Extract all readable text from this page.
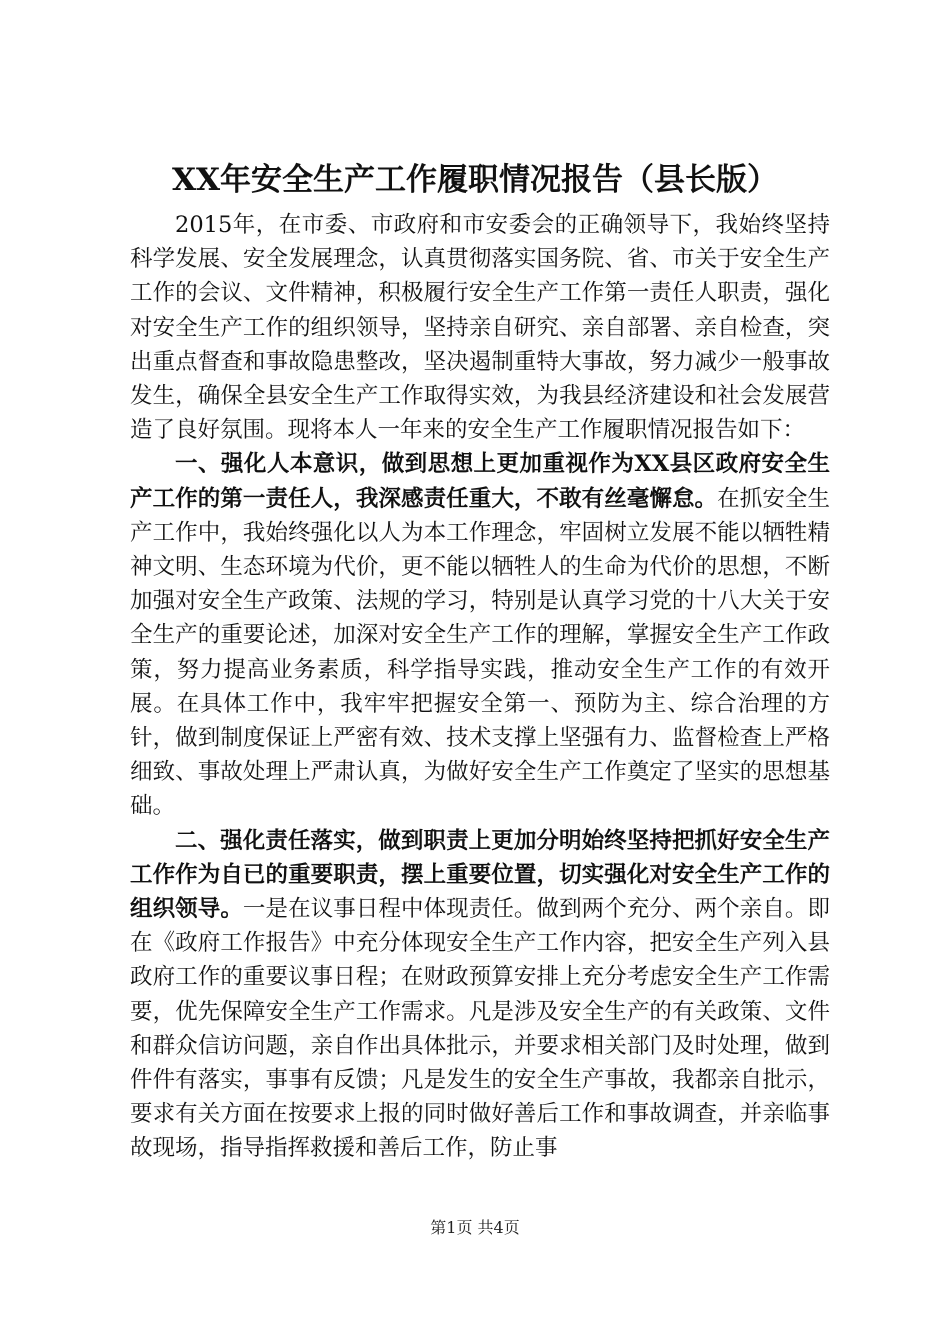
XX年安全生产工作履职情况报告（县长版）

2015年，在市委、市政府和市安委会的正确领导下，我始终坚持科学发展、安全发展理念，认真贯彻落实国务院、省、市关于安全生产工作的会议、文件精神，积极履行安全生产工作第一责任人职责，强化对安全生产工作的组织领导，坚持亲自研究、亲自部署、亲自检查，突出重点督查和事故隐患整改，坚决遏制重特大事故，努力减少一般事故发生，确保全县安全生产工作取得实效，为我县经济建设和社会发展营造了良好氛围。现将本人一年来的安全生产工作履职情况报告如下：

一、强化人本意识，做到思想上更加重视作为XX县区政府安全生产工作的第一责任人，我深感责任重大，不敢有丝毫懈怠。在抓安全生产工作中，我始终强化以人为本工作理念，牢固树立发展不能以牺牲精神文明、生态环境为代价，更不能以牺牲人的生命为代价的思想，不断加强对安全生产政策、法规的学习，特别是认真学习党的十八大关于安全生产的重要论述，加深对安全生产工作的理解，掌握安全生产工作政策，努力提高业务素质，科学指导实践，推动安全生产工作的有效开展。在具体工作中，我牢牢把握安全第一、预防为主、综合治理的方针，做到制度保证上严密有效、技术支撑上坚强有力、监督检查上严格细致、事故处理上严肃认真，为做好安全生产工作奠定了坚实的思想基础。

二、强化责任落实，做到职责上更加分明始终坚持把抓好安全生产工作作为自已的重要职责，摆上重要位置，切实强化对安全生产工作的组织领导。一是在议事日程中体现责任。做到两个充分、两个亲自。即在《政府工作报告》中充分体现安全生产工作内容，把安全生产列入县政府工作的重要议事日程；在财政预算安排上充分考虑安全生产工作需要，优先保障安全生产工作需求。凡是涉及安全生产的有关政策、文件和群众信访问题，亲自作出具体批示，并要求相关部门及时处理，做到件件有落实，事事有反馈；凡是发生的安全生产事故，我都亲自批示，要求有关方面在按要求上报的同时做好善后工作和事故调查，并亲临事故现场，指导指挥救援和善后工作，防止事

第1页 共4页
